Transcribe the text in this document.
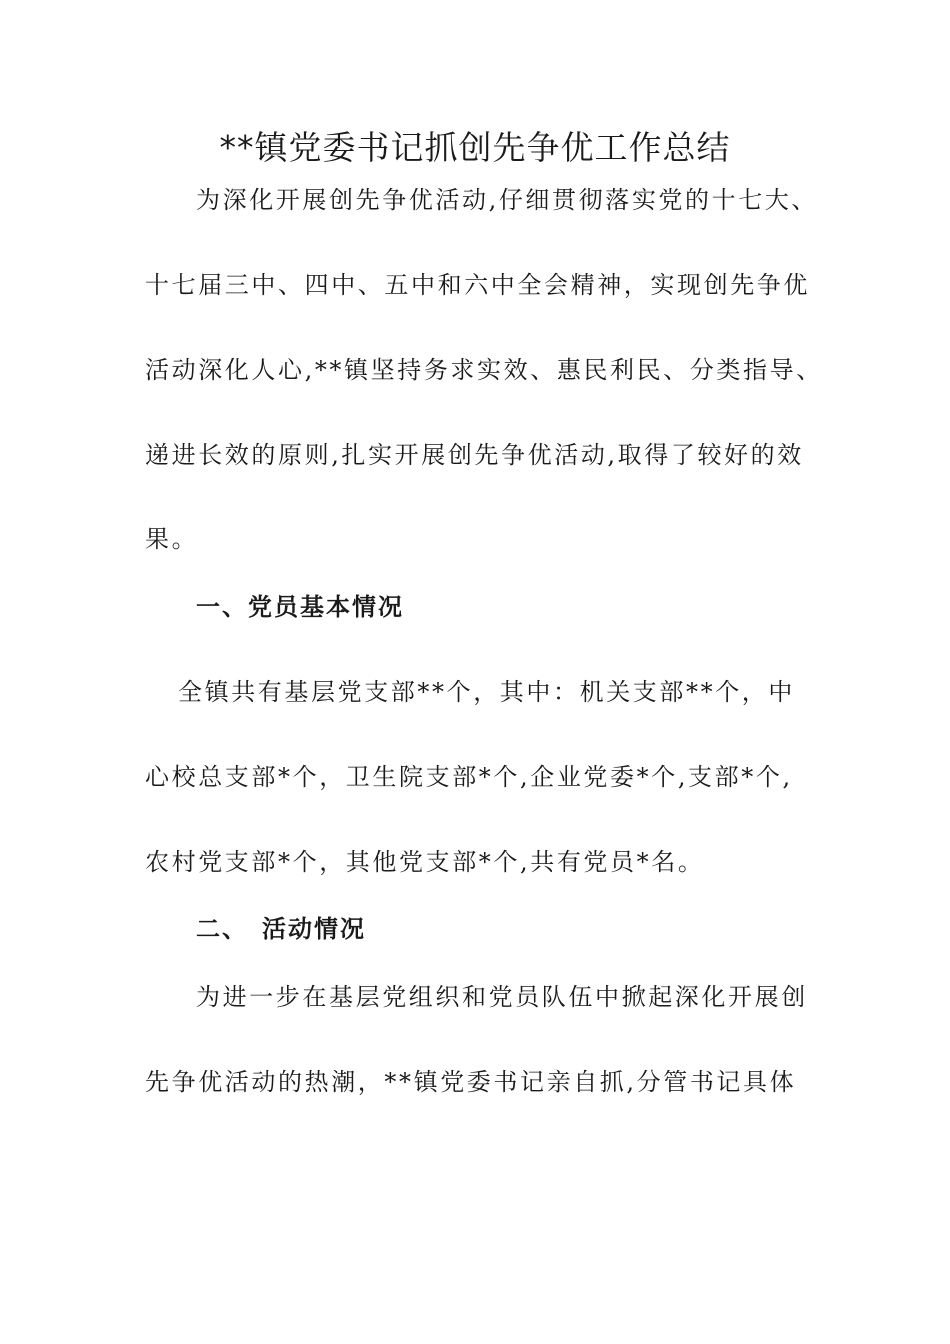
**镇党委书记抓创先争优工作总结
为深化开展创先争优活动,仔细贯彻落实党的十七大、
十七届三中、四中、五中和六中全会精神，实现创先争优
活动深化人心,**镇坚持务求实效、惠民利民、分类指导、
递进长效的原则,扎实开展创先争优活动,取得了较好的效
果。
一、党员基本情况
全镇共有基层党支部**个，其中：机关支部**个，中
心校总支部*个，卫生院支部*个,企业党委*个,支部*个,
农村党支部*个，其他党支部*个,共有党员*名。
二、 活动情况
为进一步在基层党组织和党员队伍中掀起深化开展创
先争优活动的热潮，**镇党委书记亲自抓,分管书记具体
